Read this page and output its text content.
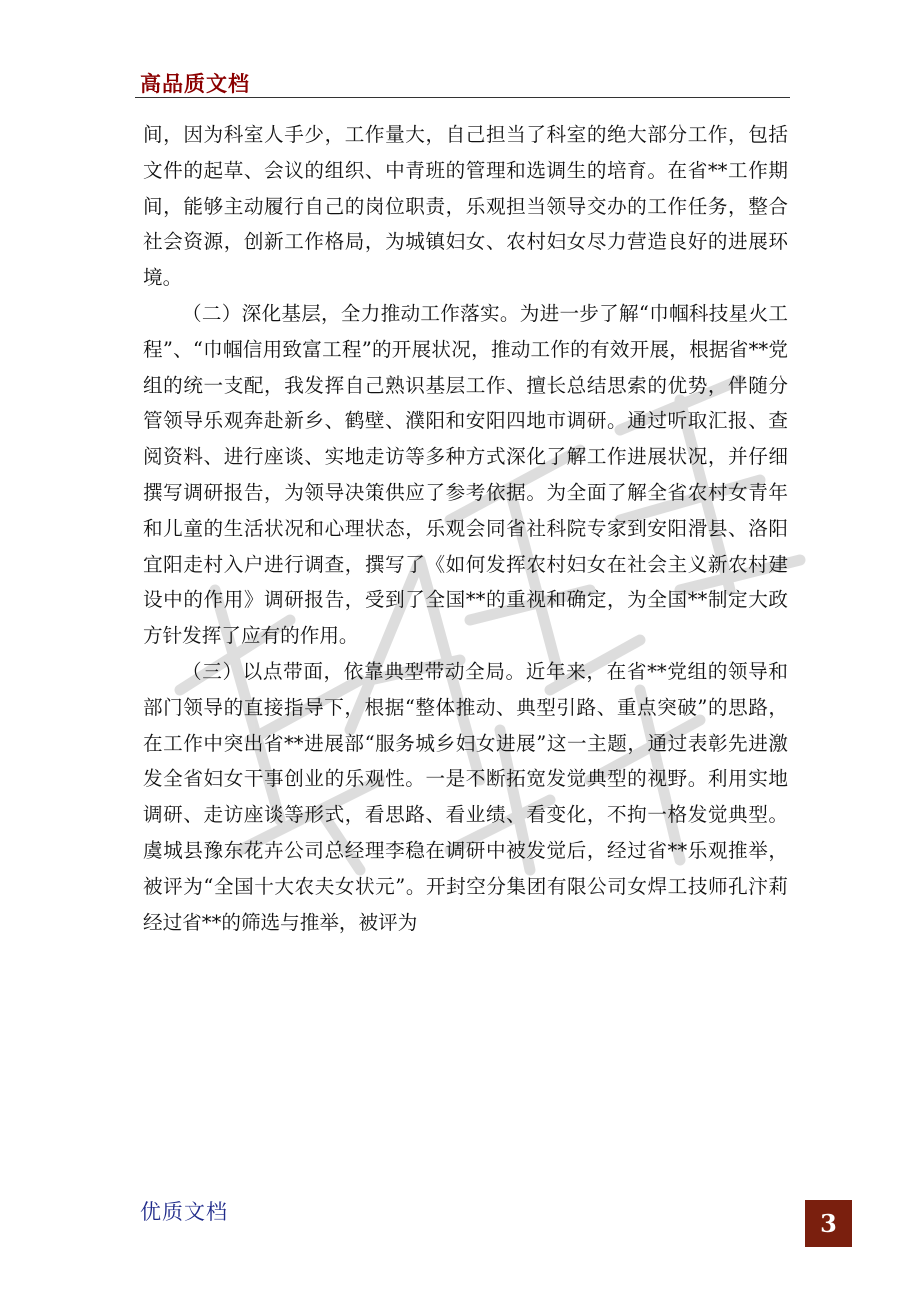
高品质文档

间，因为科室人手少，工作量大，自己担当了科室的绝大部分工作，包括文件的起草、会议的组织、中青班的管理和选调生的培育。在省**工作期间，能够主动履行自己的岗位职责，乐观担当领导交办的工作任务，整合社会资源，创新工作格局，为城镇妇女、农村妇女尽力营造良好的进展环境。

（二）深化基层，全力推动工作落实。为进一步了解“巾帼科技星火工程”、“巾帼信用致富工程”的开展状况，推动工作的有效开展，根据省**党组的统一支配，我发挥自己熟识基层工作、擅长总结思索的优势，伴随分管领导乐观奔赴新乡、鹤壁、濮阳和安阳四地市调研。通过听取汇报、查阅资料、进行座谈、实地走访等多种方式深化了解工作进展状况，并仔细撰写调研报告，为领导决策供应了参考依据。为全面了解全省农村女青年和儿童的生活状况和心理状态，乐观会同省社科院专家到安阳滑县、洛阳宜阳走村入户进行调查，撰写了《如何发挥农村妇女在社会主义新农村建设中的作用》调研报告，受到了全国**的重视和确定，为全国**制定大政方针发挥了应有的作用。

（三）以点带面，依靠典型带动全局。近年来，在省**党组的领导和部门领导的直接指导下，根据“整体推动、典型引路、重点突破”的思路，在工作中突出省**进展部“服务城乡妇女进展”这一主题，通过表彰先进激发全省妇女干事创业的乐观性。一是不断拓宽发觉典型的视野。利用实地调研、走访座谈等形式，看思路、看业绩、看变化，不拘一格发觉典型。虞城县豫东花卉公司总经理李稳在调研中被发觉后，经过省**乐观推举，被评为“全国十大农夫女状元”。开封空分集团有限公司女焊工技师孔汴莉经过省**的筛选与推举，被评为

优质文档	3
